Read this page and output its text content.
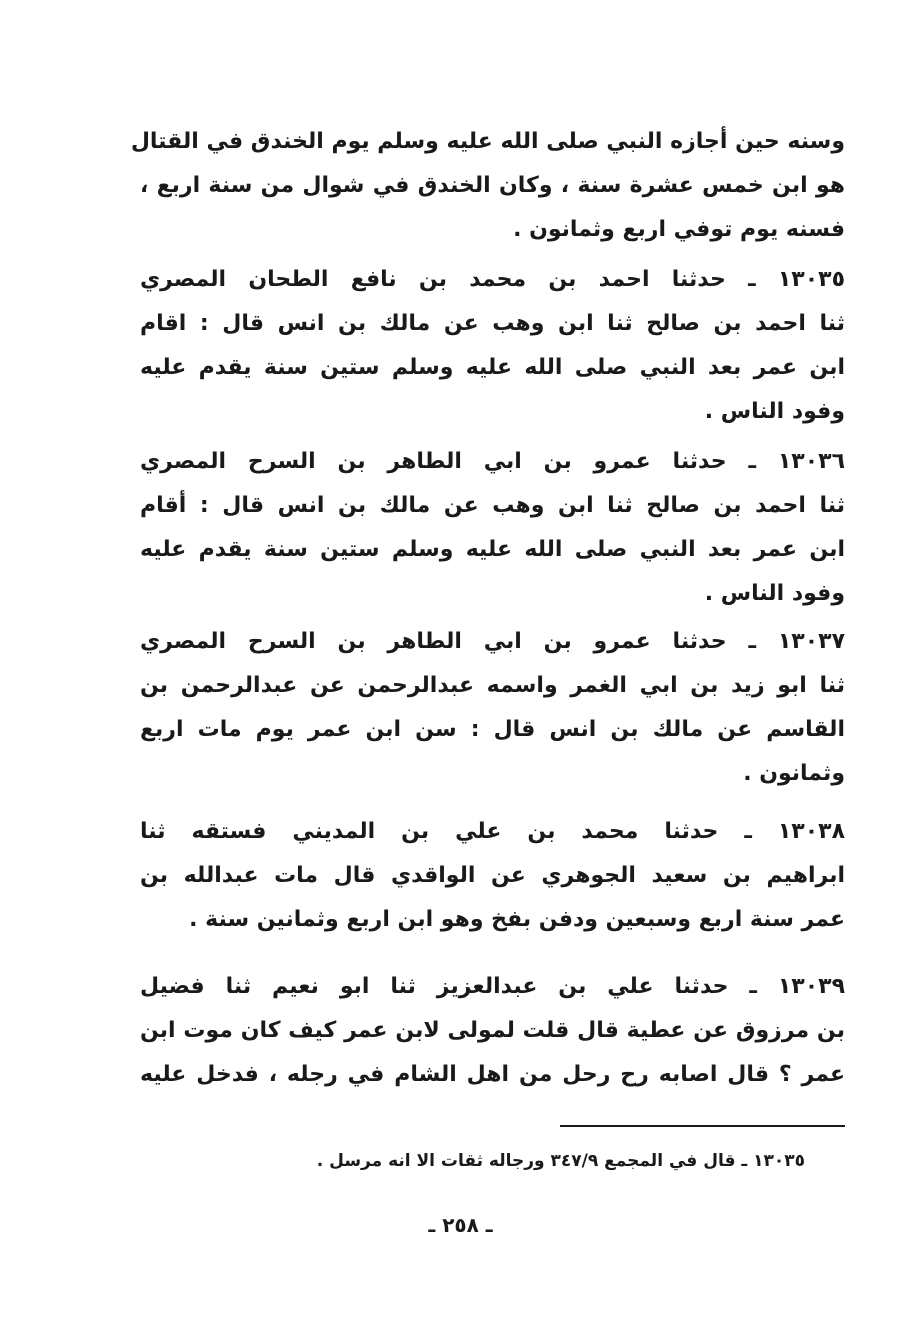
وسنه حين أجازه النبي صلى الله عليه وسلم يوم الخندق في القتال
هو ابن خمس عشرة سنة ، وكان الخندق في شوال من سنة اربع ،
فسنه يوم توفي اربع وثمانون .
١٣٠٣٥ ـ حدثنا احمد بن محمد بن نافع الطحان المصري
ثنا احمد بن صالح ثنا ابن وهب عن مالك بن انس قال : اقام
ابن عمر بعد النبي صلى الله عليه وسلم ستين سنة يقدم عليه
وفود الناس .
١٣٠٣٦ ـ حدثنا عمرو بن ابي الطاهر بن السرح المصري
ثنا احمد بن صالح ثنا ابن وهب عن مالك بن انس قال : أقام
ابن عمر بعد النبي صلى الله عليه وسلم ستين سنة يقدم عليه
وفود الناس .
١٣٠٣٧ ـ حدثنا عمرو بن ابي الطاهر بن السرح المصري
ثنا ابو زيد بن ابي الغمر واسمه عبدالرحمن عن عبدالرحمن بن
القاسم عن مالك بن انس قال : سن ابن عمر يوم مات اربع
وثمانون .
١٣٠٣٨ ـ حدثنا محمد بن علي بن المديني فستقه ثنا
ابراهيم بن سعيد الجوهري عن الواقدي قال مات عبدالله بن
عمر سنة اربع وسبعين ودفن بفخ وهو ابن اربع وثمانين سنة .
١٣٠٣٩ ـ حدثنا علي بن عبدالعزيز ثنا ابو نعيم ثنا فضيل
بن مرزوق عن عطية قال قلت لمولى لابن عمر كيف كان موت ابن
عمر ؟ قال اصابه رح رحل من اهل الشام في رجله ، فدخل عليه
١٣٠٣٥ ـ قال في المجمع ٣٤٧/٩ ورجاله ثقات الا انه مرسل .
ـ ٢٥٨ ـ
